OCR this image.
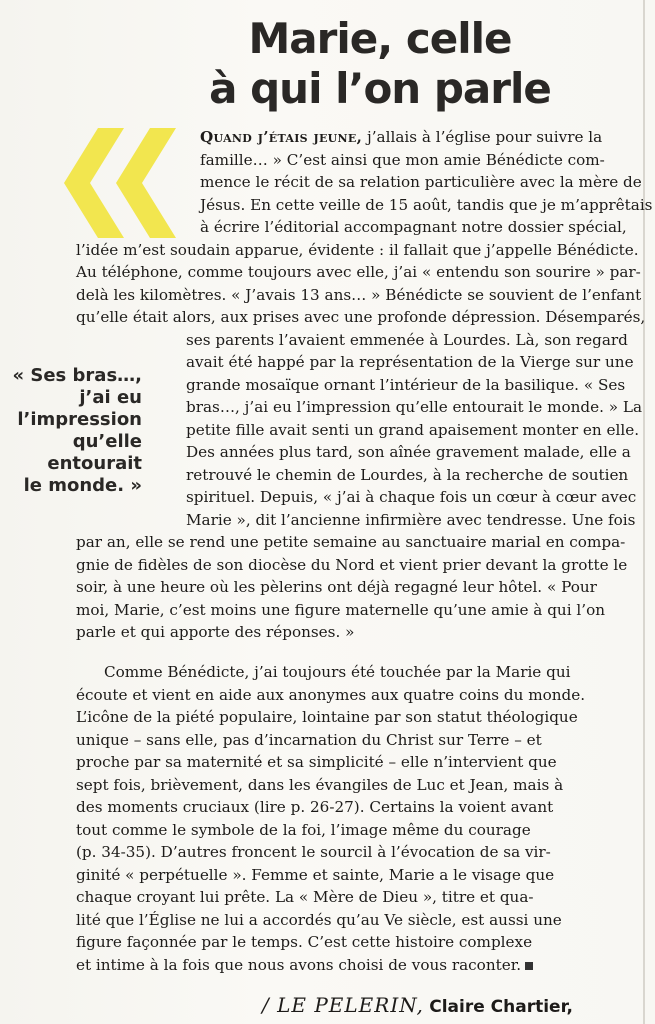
Marie, celle
à qui l’on parle
« Ses bras…,
j’ai eu
l’impression
qu’elle
entourait
le monde. »
Quand j’étais jeune, j’allais à l’église pour suivre la
famille… » C’est ainsi que mon amie Bénédicte com-
mence le récit de sa relation particulière avec la mère de
Jésus. En cette veille de 15 août, tandis que je m’apprêtais
à écrire l’éditorial accompagnant notre dossier spécial,
l’idée m’est soudain apparue, évidente : il fallait que j’appelle Bénédicte.
Au téléphone, comme toujours avec elle, j’ai « entendu son sourire » par-
delà les kilomètres. « J’avais 13 ans… » Bénédicte se souvient de l’enfant
qu’elle était alors, aux prises avec une profonde dépression. Désemparés,
ses parents l’avaient emmenée à Lourdes. Là, son regard
avait été happé par la représentation de la Vierge sur une
grande mosaïque ornant l’intérieur de la basilique. « Ses
bras…, j’ai eu l’impression qu’elle entourait le monde. » La
petite fille avait senti un grand apaisement monter en elle.
Des années plus tard, son aînée gravement malade, elle a
retrouvé le chemin de Lourdes, à la recherche de soutien
spirituel. Depuis, « j’ai à chaque fois un cœur à cœur avec
Marie », dit l’ancienne infirmière avec tendresse. Une fois
par an, elle se rend une petite semaine au sanctuaire marial en compa-
gnie de fidèles de son diocèse du Nord et vient prier devant la grotte le
soir, à une heure où les pèlerins ont déjà regagné leur hôtel. « Pour
moi, Marie, c’est moins une figure maternelle qu’une amie à qui l’on
parle et qui apporte des réponses. »
Comme Bénédicte, j’ai toujours été touchée par la Marie qui
écoute et vient en aide aux anonymes aux quatre coins du monde.
L’icône de la piété populaire, lointaine par son statut théologique
unique – sans elle, pas d’incarnation du Christ sur Terre – et
proche par sa maternité et sa simplicité – elle n’intervient que
sept fois, brièvement, dans les évangiles de Luc et Jean, mais à
des moments cruciaux (lire p. 26-27). Certains la voient avant
tout comme le symbole de la foi, l’image même du courage
(p. 34-35). D’autres froncent le sourcil à l’évocation de sa vir-
ginité « perpétuelle ». Femme et sainte, Marie a le visage que
chaque croyant lui prête. La « Mère de Dieu », titre et qua-
lité que l’Église ne lui a accordés qu’au Ve siècle, est aussi une
figure façonnée par le temps. C’est cette histoire complexe
et intime à la fois que nous avons choisi de vous raconter.
/ LE PELERIN, Claire Chartier,
